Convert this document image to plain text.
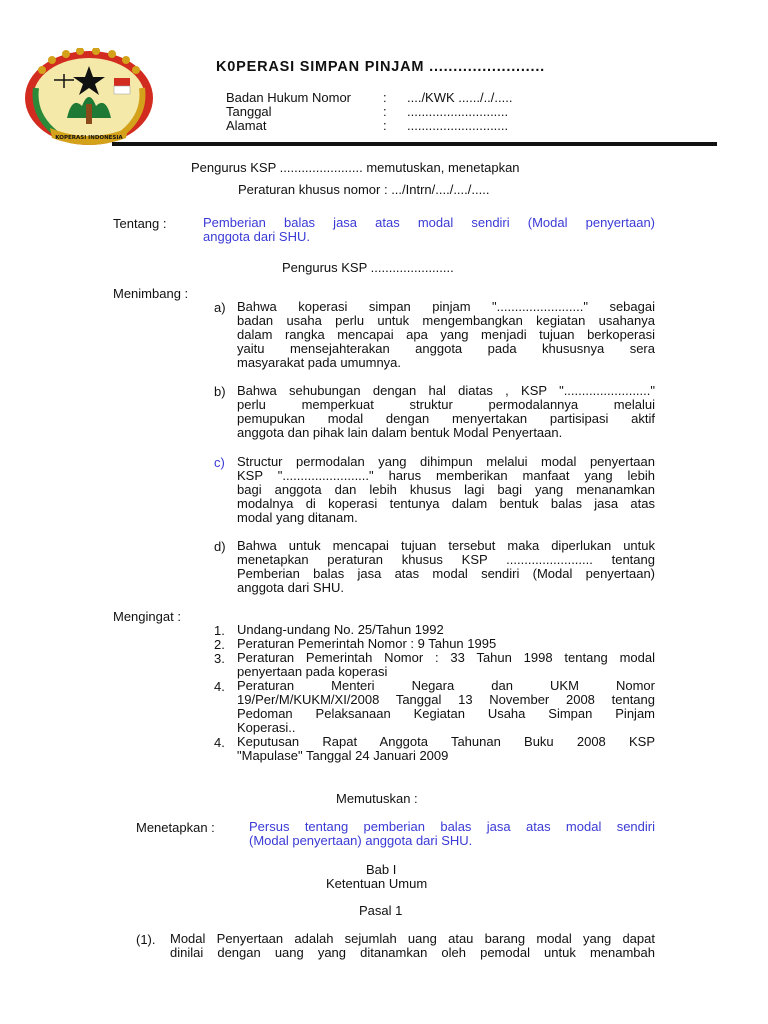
KOPERASI INDONESIA
K0PERASI SIMPAN PINJAM ........................
Badan Hukum Nomor	: ..../KWK ....../../.....
Tanggal	: ............................
Alamat	: ............................
Pengurus KSP ....................... memutuskan, menetapkan
Peraturan khusus nomor : .../Intrn/..../..../.....
Tentang :	Pemberian balas jasa atas modal sendiri (Modal penyertaan)
anggota dari SHU.
Pengurus KSP .......................
Menimbang :
a) Bahwa koperasi simpan pinjam "........................" sebagai
badan usaha perlu untuk mengembangkan kegiatan usahanya
dalam rangka mencapai apa yang menjadi tujuan berkoperasi
yaitu mensejahterakan anggota pada khususnya sera
masyarakat pada umumnya.
b) Bahwa sehubungan dengan hal diatas , KSP "........................"
perlu memperkuat struktur permodalannya melalui
pemupukan modal dengan menyertakan partisipasi aktif
anggota dan pihak lain dalam bentuk Modal Penyertaan.
c) Structur permodalan yang dihimpun melalui modal penyertaan
KSP "........................" harus memberikan manfaat yang lebih
bagi anggota dan lebih khusus lagi bagi yang menanamkan
modalnya di koperasi tentunya dalam bentuk balas jasa atas
modal yang ditanam.
d) Bahwa untuk mencapai tujuan tersebut maka diperlukan untuk
menetapkan peraturan khusus KSP ........................ tentang
Pemberian balas jasa atas modal sendiri (Modal penyertaan)
anggota dari SHU.
Mengingat :
1. Undang-undang No. 25/Tahun 1992
2. Peraturan Pemerintah Nomor : 9 Tahun 1995
3. Peraturan Pemerintah Nomor : 33 Tahun 1998 tentang modal
penyertaan pada koperasi
4. Peraturan Menteri Negara dan UKM Nomor
19/Per/M/KUKM/XI/2008 Tanggal 13 November 2008 tentang
Pedoman Pelaksanaan Kegiatan Usaha Simpan Pinjam
Koperasi..
4. Keputusan Rapat Anggota Tahunan Buku 2008 KSP
"Mapulase" Tanggal 24 Januari 2009
Memutuskan :
Menetapkan :	Persus tentang pemberian balas jasa atas modal sendiri
(Modal penyertaan) anggota dari SHU.
Bab I
Ketentuan Umum
Pasal 1
(1). Modal Penyertaan adalah sejumlah uang atau barang modal yang dapat
dinilai dengan uang yang ditanamkan oleh pemodal untuk menambah
